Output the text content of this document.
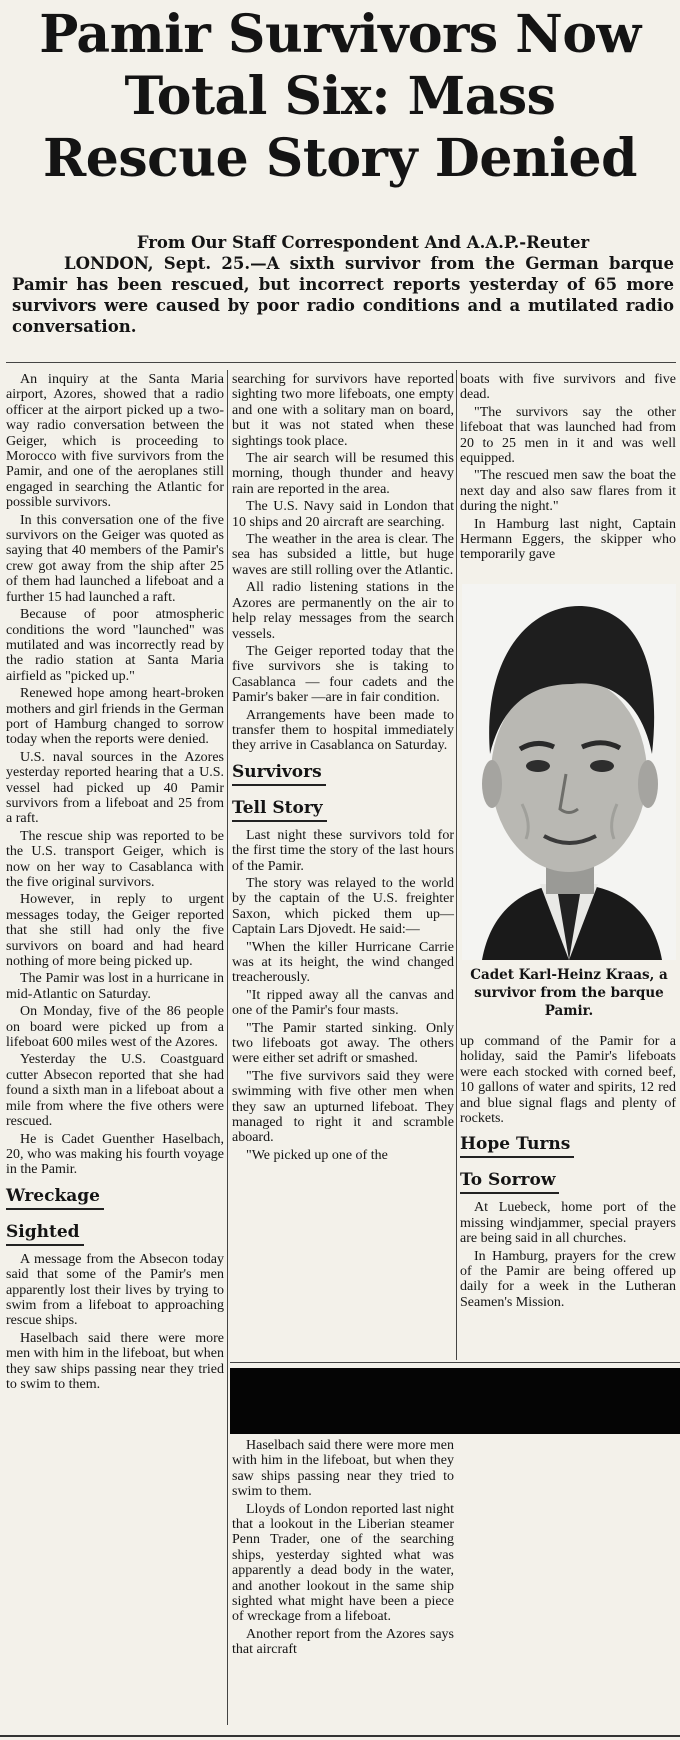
Pamir Survivors Now
Total Six: Mass
Rescue Story Denied
From Our Staff Correspondent And A.A.P.-Reuter
LONDON, Sept. 25.—A sixth survivor from the German barque Pamir has been rescued, but incorrect reports yesterday of 65 more survivors were caused by poor radio conditions and a mutilated radio conversation.

An inquiry at the Santa Maria airport, Azores, showed that a radio officer at the airport picked up a two-way radio conversation between the Geiger, which is proceeding to Morocco with five survivors from the Pamir, and one of the aeroplanes still engaged in searching the Atlantic for possible survivors.

In this conversation one of the five survivors on the Geiger was quoted as saying that 40 members of the Pamir's crew got away from the ship after 25 of them had launched a lifeboat and a further 15 had launched a raft.

Because of poor atmospheric conditions the word "launched" was mutilated and was incorrectly read by the radio station at Santa Maria airfield as "picked up."

Renewed hope among heart-broken mothers and girl friends in the German port of Hamburg changed to sorrow today when the reports were denied.

U.S. naval sources in the Azores yesterday reported hearing that a U.S. vessel had picked up 40 Pamir survivors from a lifeboat and 25 from a raft.

The rescue ship was reported to be the U.S. transport Geiger, which is now on her way to Casablanca with the five original survivors.

However, in reply to urgent messages today, the Geiger reported that she still had only the five survivors on board and had heard nothing of more being picked up.

The Pamir was lost in a hurricane in mid-Atlantic on Saturday.

On Monday, five of the 86 people on board were picked up from a lifeboat 600 miles west of the Azores.

Yesterday the U.S. Coastguard cutter Absecon reported that she had found a sixth man in a lifeboat about a mile from where the five others were rescued.

He is Cadet Guenther Haselbach, 20, who was making his fourth voyage in the Pamir.

Wreckage
Sighted

A message from the Absecon today said that some of the Pamir's men apparently lost their lives by trying to swim from a lifeboat to approaching rescue ships.

Haselbach said there were more men with him in the lifeboat, but when they saw ships passing near they tried to swim to them.

searching for survivors have reported sighting two more lifeboats, one empty and one with a solitary man on board, but it was not stated when these sightings took place.

The air search will be resumed this morning, though thunder and heavy rain are reported in the area.

The U.S. Navy said in London that 10 ships and 20 aircraft are searching.

The weather in the area is clear. The sea has subsided a little, but huge waves are still rolling over the Atlantic.

All radio listening stations in the Azores are permanently on the air to help relay messages from the search vessels.

The Geiger reported today that the five survivors she is taking to Casablanca — four cadets and the Pamir's baker —are in fair condition.

Arrangements have been made to transfer them to hospital immediately they arrive in Casablanca on Saturday.

Survivors
Tell Story

Last night these survivors told for the first time the story of the last hours of the Pamir.

The story was relayed to the world by the captain of the U.S. freighter Saxon, which picked them up—Captain Lars Djovedt. He said:—

"When the killer Hurricane Carrie was at its height, the wind changed treacherously.

"It ripped away all the canvas and one of the Pamir's four masts.

"The Pamir started sinking. Only two lifeboats got away. The others were either set adrift or smashed.

"The five survivors said they were swimming with five other men when they saw an upturned lifeboat. They managed to right it and scramble aboard.

"We picked up one of the

boats with five survivors and five dead.

"The survivors say the other lifeboat that was launched had from 20 to 25 men in it and was well equipped.

"The rescued men saw the boat the next day and also saw flares from it during the night."

In Hamburg last night, Captain Hermann Eggers, the skipper who temporarily gave

Cadet Karl-Heinz Kraas, a survivor from the barque Pamir.

up command of the Pamir for a holiday, said the Pamir's lifeboats were each stocked with corned beef, 10 gallons of water and spirits, 12 red and blue signal flags and plenty of rockets.

Hope Turns
To Sorrow

At Luebeck, home port of the missing windjammer, special prayers are being said in all churches.

In Hamburg, prayers for the crew of the Pamir are being offered up daily for a week in the Lutheran Seamen's Mission.

Haselbach said there were more men with him in the lifeboat, but when they saw ships passing near they tried to swim to them.

Lloyds of London reported last night that a lookout in the Liberian steamer Penn Trader, one of the searching ships, yesterday sighted what was apparently a dead body in the water, and another lookout in the same ship sighted what might have been a piece of wreckage from a lifeboat.

Another report from the Azores says that aircraft
